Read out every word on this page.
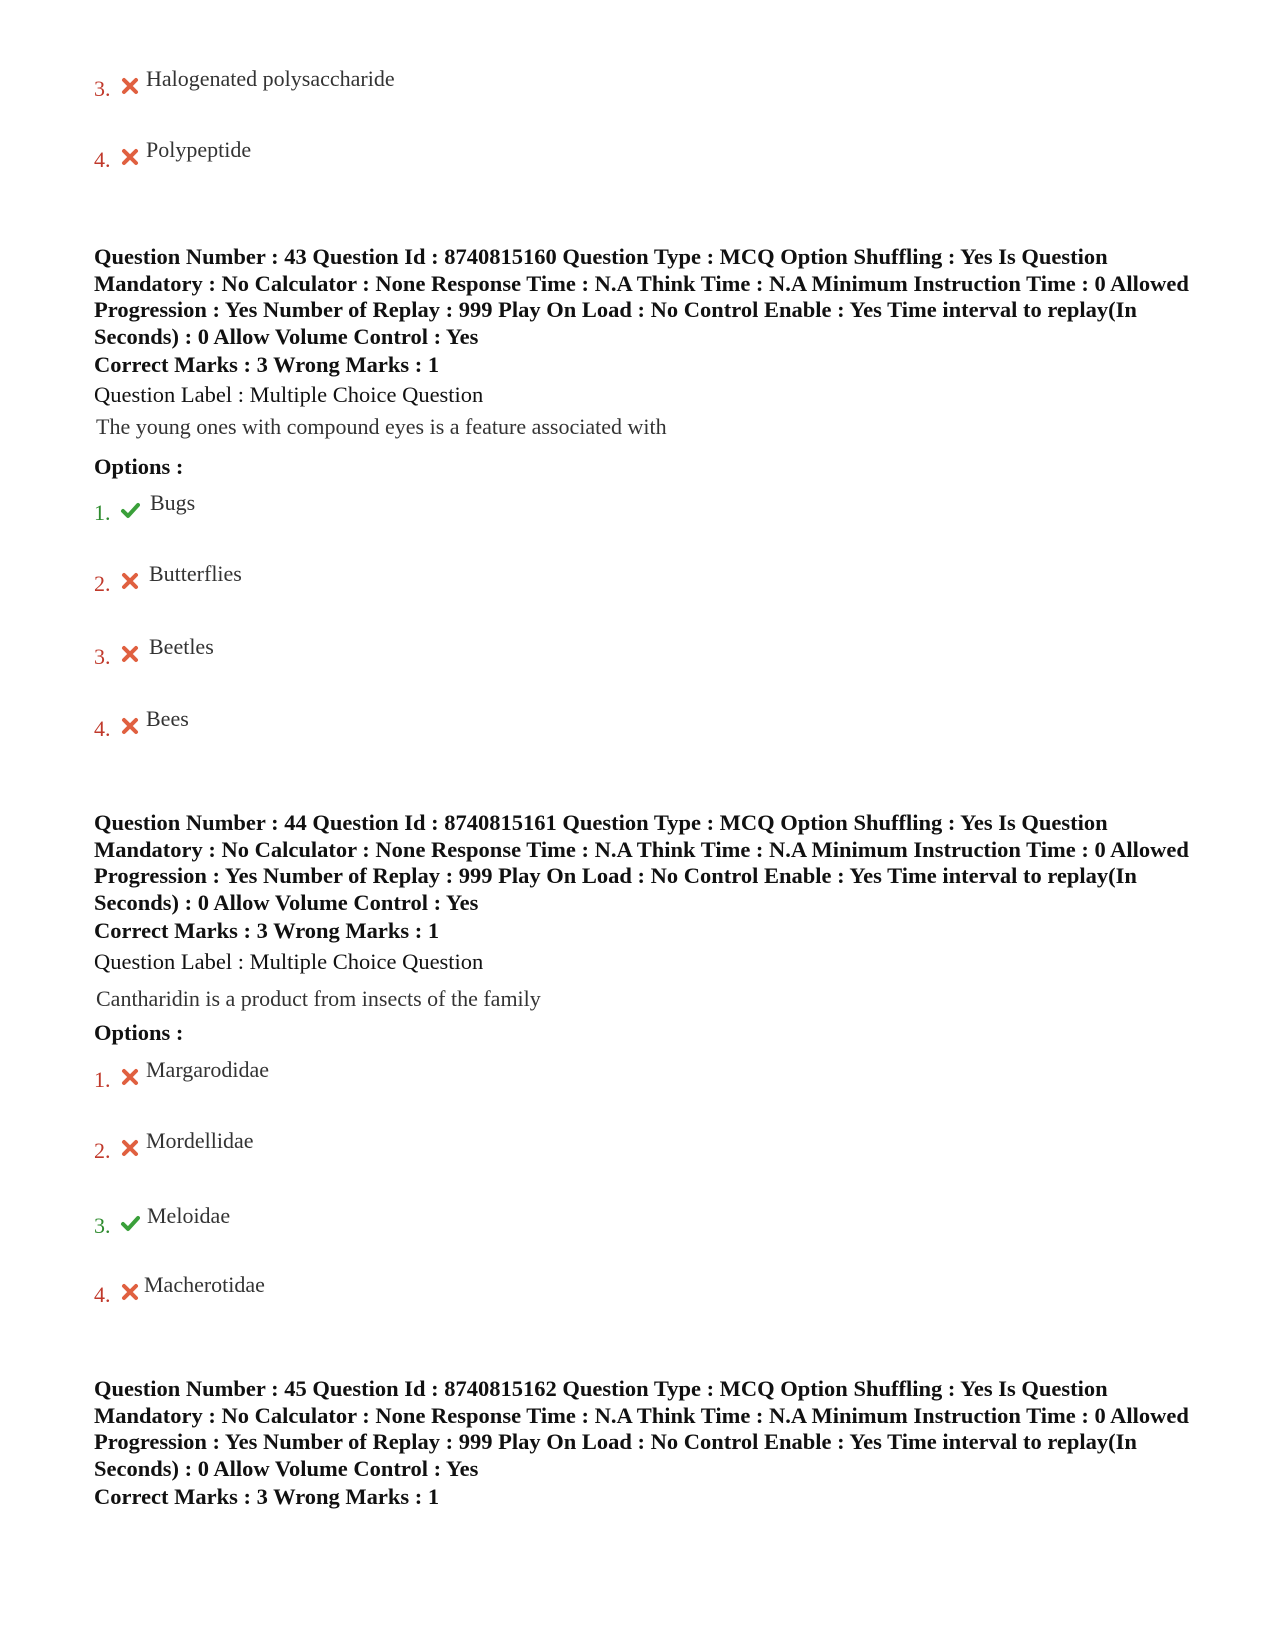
3. Halogenated polysaccharide
4. Polypeptide
Question Number : 43 Question Id : 8740815160 Question Type : MCQ Option Shuffling : Yes Is Question Mandatory : No Calculator : None Response Time : N.A Think Time : N.A Minimum Instruction Time : 0 Allowed Progression : Yes Number of Replay : 999 Play On Load : No Control Enable : Yes Time interval to replay(In Seconds) : 0 Allow Volume Control : Yes
Correct Marks : 3 Wrong Marks : 1
Question Label : Multiple Choice Question
The young ones with compound eyes is a feature associated with
Options :
1. Bugs
2. Butterflies
3. Beetles
4. Bees
Question Number : 44 Question Id : 8740815161 Question Type : MCQ Option Shuffling : Yes Is Question Mandatory : No Calculator : None Response Time : N.A Think Time : N.A Minimum Instruction Time : 0 Allowed Progression : Yes Number of Replay : 999 Play On Load : No Control Enable : Yes Time interval to replay(In Seconds) : 0 Allow Volume Control : Yes
Correct Marks : 3 Wrong Marks : 1
Question Label : Multiple Choice Question
Cantharidin is a product from insects of the family
Options :
1. Margarodidae
2. Mordellidae
3. Meloidae
4. Macherotidae
Question Number : 45 Question Id : 8740815162 Question Type : MCQ Option Shuffling : Yes Is Question Mandatory : No Calculator : None Response Time : N.A Think Time : N.A Minimum Instruction Time : 0 Allowed Progression : Yes Number of Replay : 999 Play On Load : No Control Enable : Yes Time interval to replay(In Seconds) : 0 Allow Volume Control : Yes
Correct Marks : 3 Wrong Marks : 1
